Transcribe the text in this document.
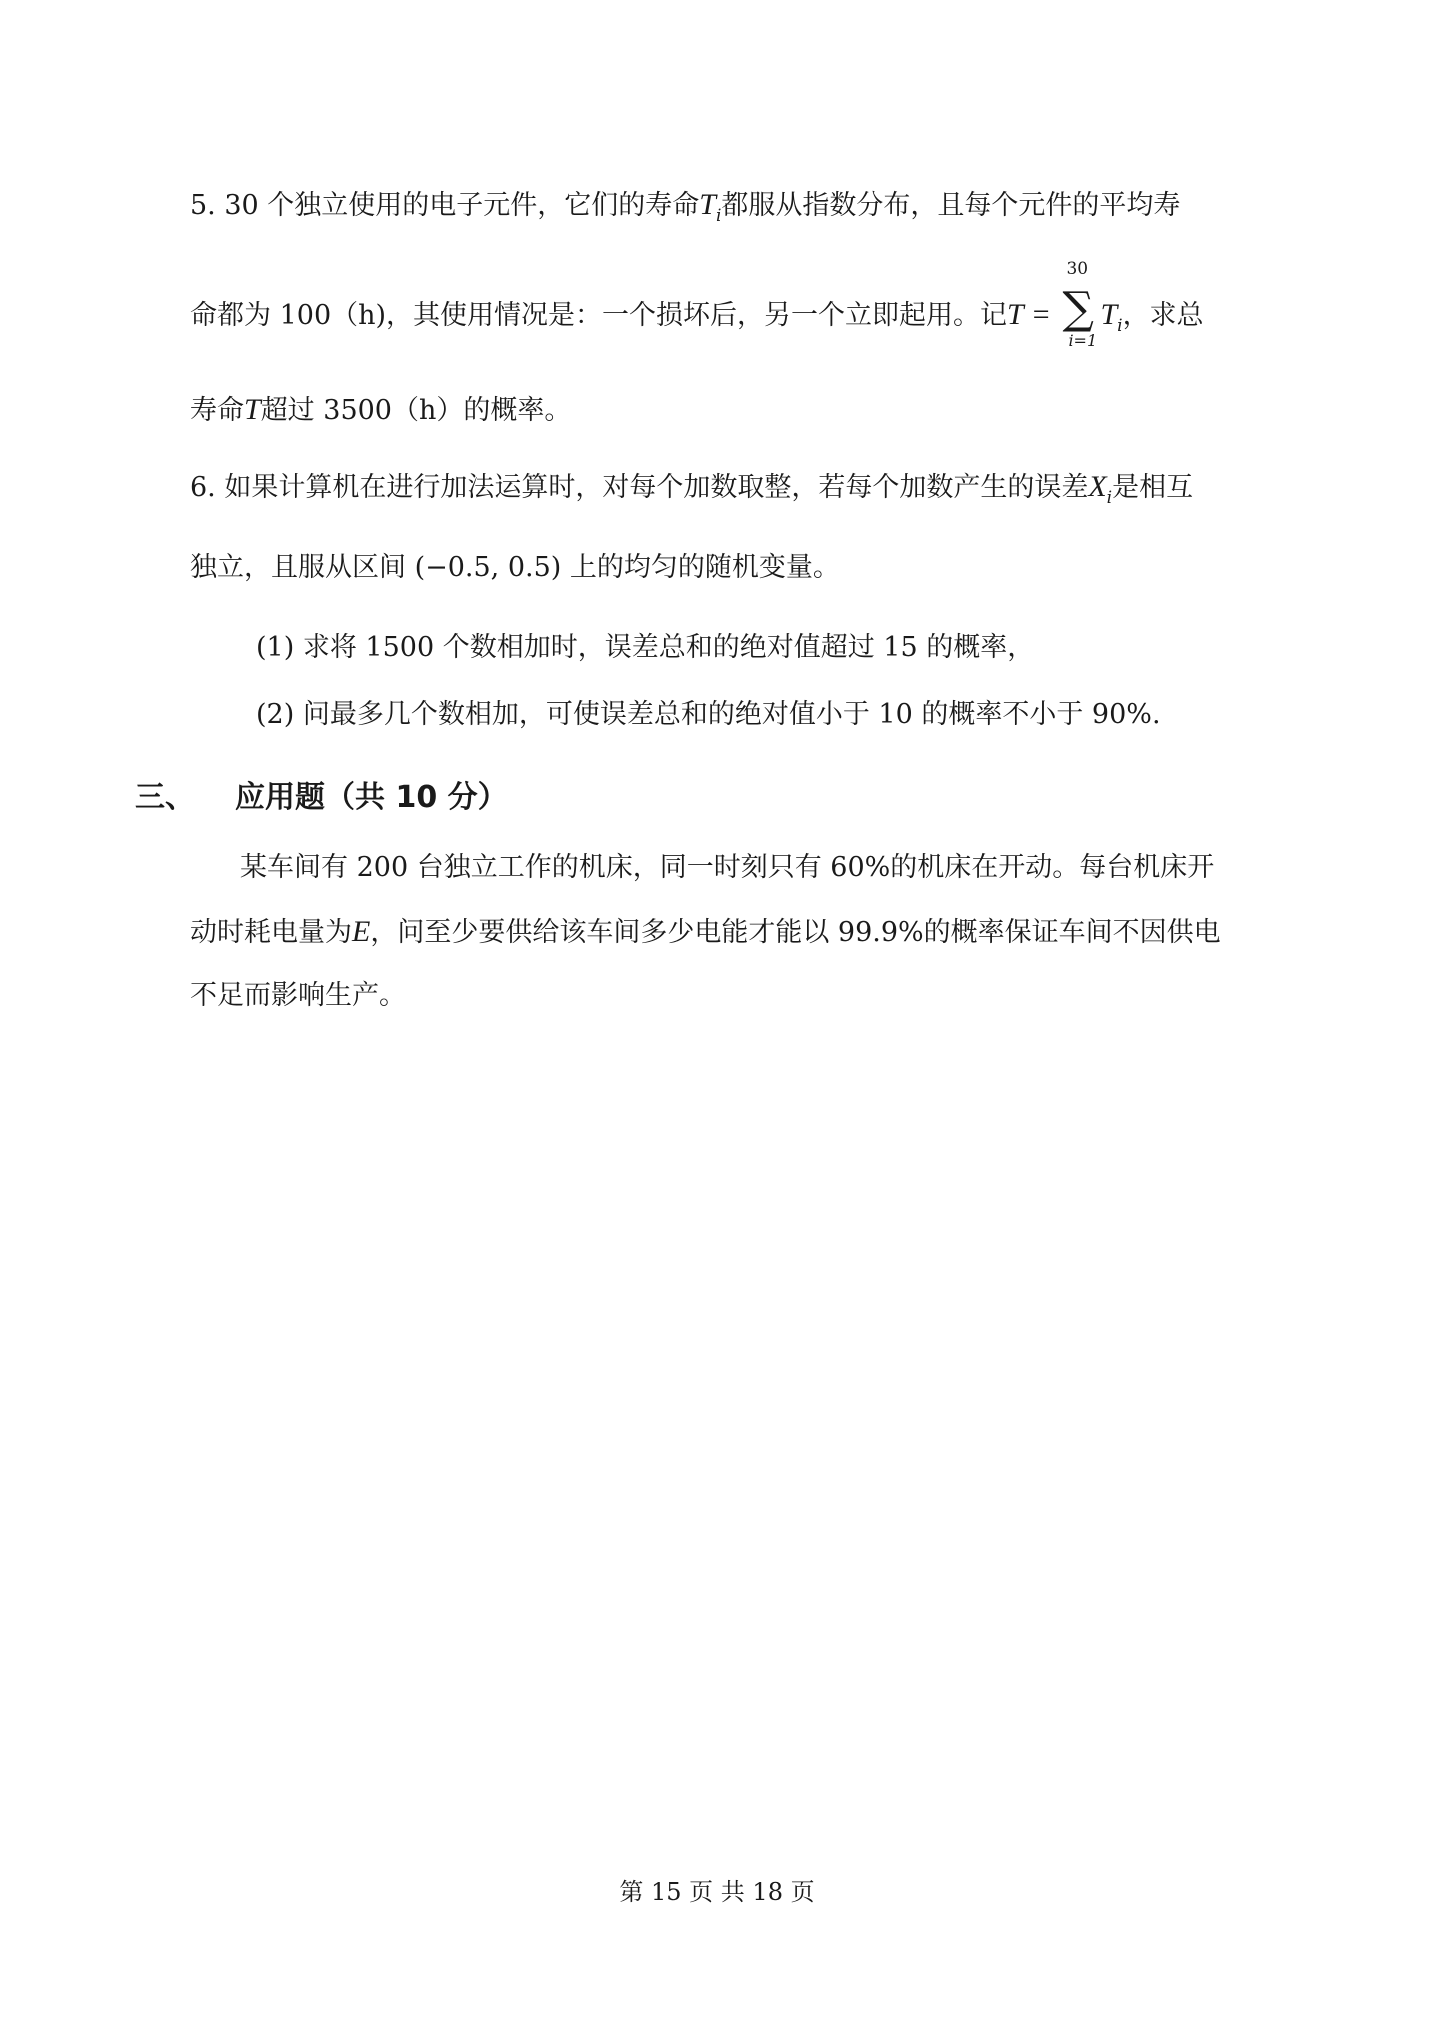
5. 30 个独立使用的电子元件，它们的寿命$T_i$都服从指数分布，且每个元件的平均寿
命都为 100（h)，其使用情况是：一个损坏后，另一个立即起用。记T =
30
∑
i=1
$T_i$，求总
寿命T超过 3500（h）的概率。
6. 如果计算机在进行加法运算时，对每个加数取整，若每个加数产生的误差$X_i$是相互
独立，且服从区间 (−0.5, 0.5) 上的均匀的随机变量。
(1) 求将 1500 个数相加时，误差总和的绝对值超过 15 的概率，
(2) 问最多几个数相加，可使误差总和的绝对值小于 10 的概率不小于 90%.
三、 应用题（共 10 分）
某车间有 200 台独立工作的机床，同一时刻只有 60%的机床在开动。每台机床开
动时耗电量为E，问至少要供给该车间多少电能才能以 99.9%的概率保证车间不因供电
不足而影响生产。
第 15 页 共 18 页
